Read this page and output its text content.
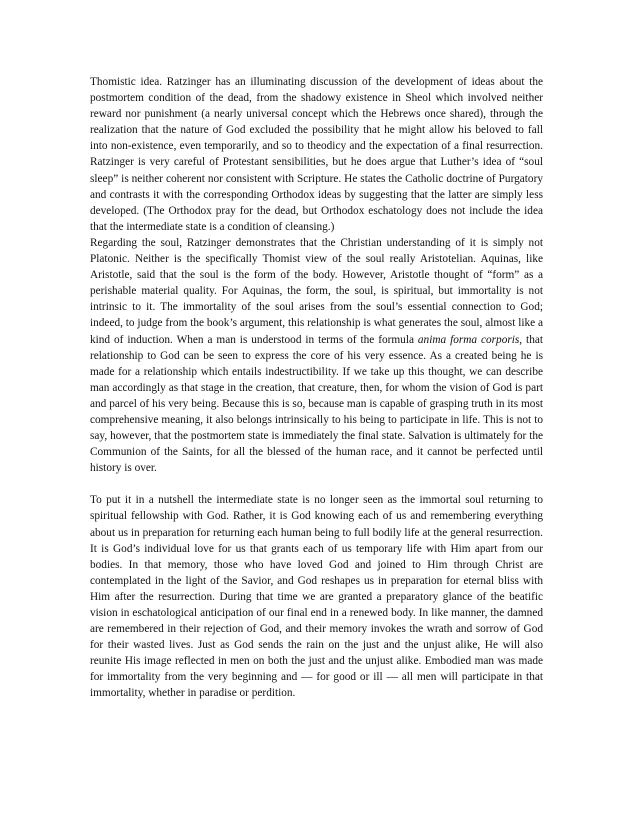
Thomistic idea. Ratzinger has an illuminating discussion of the development of ideas about the postmortem condition of the dead, from the shadowy existence in Sheol which involved neither reward nor punishment (a nearly universal concept which the Hebrews once shared), through the realization that the nature of God excluded the possibility that he might allow his beloved to fall into non-existence, even temporarily, and so to theodicy and the expectation of a final resurrection. Ratzinger is very careful of Protestant sensibilities, but he does argue that Luther’s idea of “soul sleep” is neither coherent nor consistent with Scripture. He states the Catholic doctrine of Purgatory and contrasts it with the corresponding Orthodox ideas by suggesting that the latter are simply less developed. (The Orthodox pray for the dead, but Orthodox eschatology does not include the idea that the intermediate state is a condition of cleansing.)

Regarding the soul, Ratzinger demonstrates that the Christian understanding of it is simply not Platonic. Neither is the specifically Thomist view of the soul really Aristotelian. Aquinas, like Aristotle, said that the soul is the form of the body. However, Aristotle thought of “form” as a perishable material quality. For Aquinas, the form, the soul, is spiritual, but immortality is not intrinsic to it. The immortality of the soul arises from the soul’s essential connection to God; indeed, to judge from the book’s argument, this relationship is what generates the soul, almost like a kind of induction. When a man is understood in terms of the formula anima forma corporis, that relationship to God can be seen to express the core of his very essence. As a created being he is made for a relationship which entails indestructibility. If we take up this thought, we can describe man accordingly as that stage in the creation, that creature, then, for whom the vision of God is part and parcel of his very being. Because this is so, because man is capable of grasping truth in its most comprehensive meaning, it also belongs intrinsically to his being to participate in life. This is not to say, however, that the postmortem state is immediately the final state. Salvation is ultimately for the Communion of the Saints, for all the blessed of the human race, and it cannot be perfected until history is over.

To put it in a nutshell the intermediate state is no longer seen as the immortal soul returning to spiritual fellowship with God. Rather, it is God knowing each of us and remembering everything about us in preparation for returning each human being to full bodily life at the general resurrection. It is God’s individual love for us that grants each of us temporary life with Him apart from our bodies. In that memory, those who have loved God and joined to Him through Christ are contemplated in the light of the Savior, and God reshapes us in preparation for eternal bliss with Him after the resurrection. During that time we are granted a preparatory glance of the beatific vision in eschatological anticipation of our final end in a renewed body. In like manner, the damned are remembered in their rejection of God, and their memory invokes the wrath and sorrow of God for their wasted lives. Just as God sends the rain on the just and the unjust alike, He will also reunite His image reflected in men on both the just and the unjust alike. Embodied man was made for immortality from the very beginning and — for good or ill — all men will participate in that immortality, whether in paradise or perdition.
